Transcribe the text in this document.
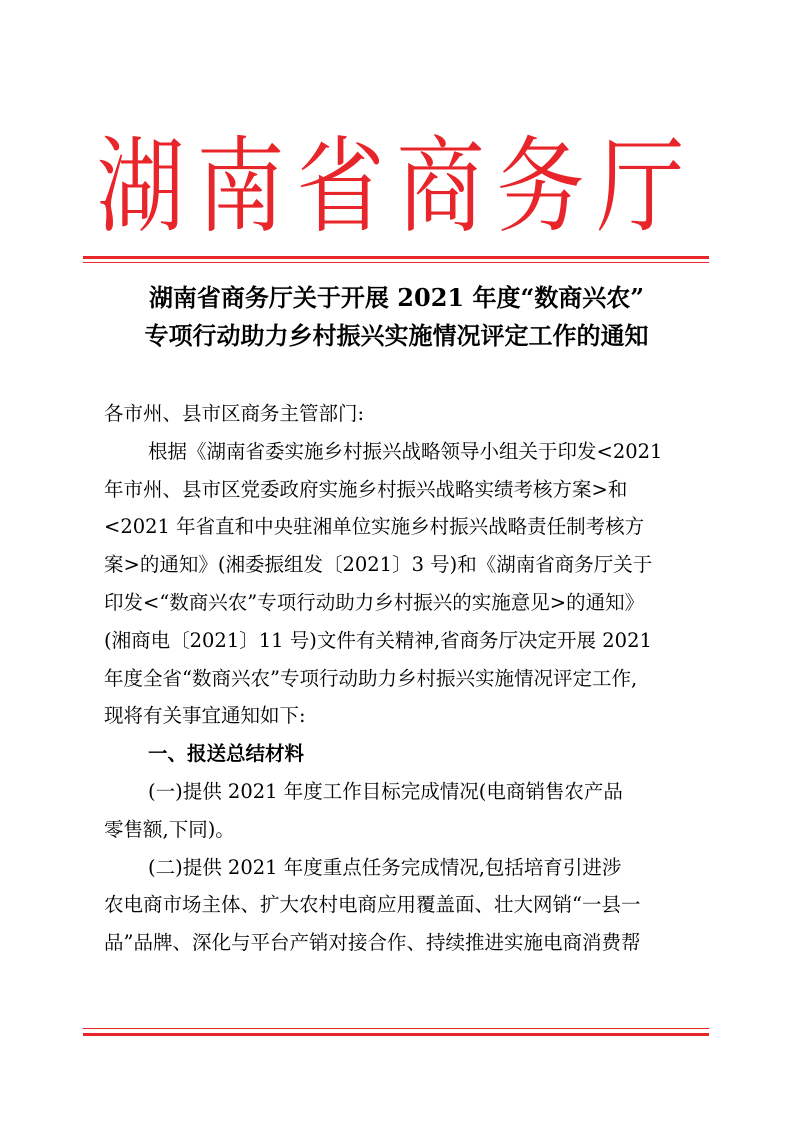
湖南省商务厅
湖南省商务厅关于开展 2021 年度“数商兴农”
专项行动助力乡村振兴实施情况评定工作的通知

各市州、县市区商务主管部门:

根据《湖南省委实施乡村振兴战略领导小组关于印发<2021

年市州、县市区党委政府实施乡村振兴战略实绩考核方案>和

<2021 年省直和中央驻湘单位实施乡村振兴战略责任制考核方

案>的通知》(湘委振组发〔2021〕3 号)和《湖南省商务厅关于

印发<“数商兴农”专项行动助力乡村振兴的实施意见>的通知》

(湘商电〔2021〕11 号)文件有关精神,省商务厅决定开展 2021

年度全省“数商兴农”专项行动助力乡村振兴实施情况评定工作,

现将有关事宜通知如下:

一、报送总结材料

(一)提供 2021 年度工作目标完成情况(电商销售农产品

零售额,下同)。

(二)提供 2021 年度重点任务完成情况,包括培育引进涉

农电商市场主体、扩大农村电商应用覆盖面、壮大网销“一县一

品”品牌、深化与平台产销对接合作、持续推进实施电商消费帮
